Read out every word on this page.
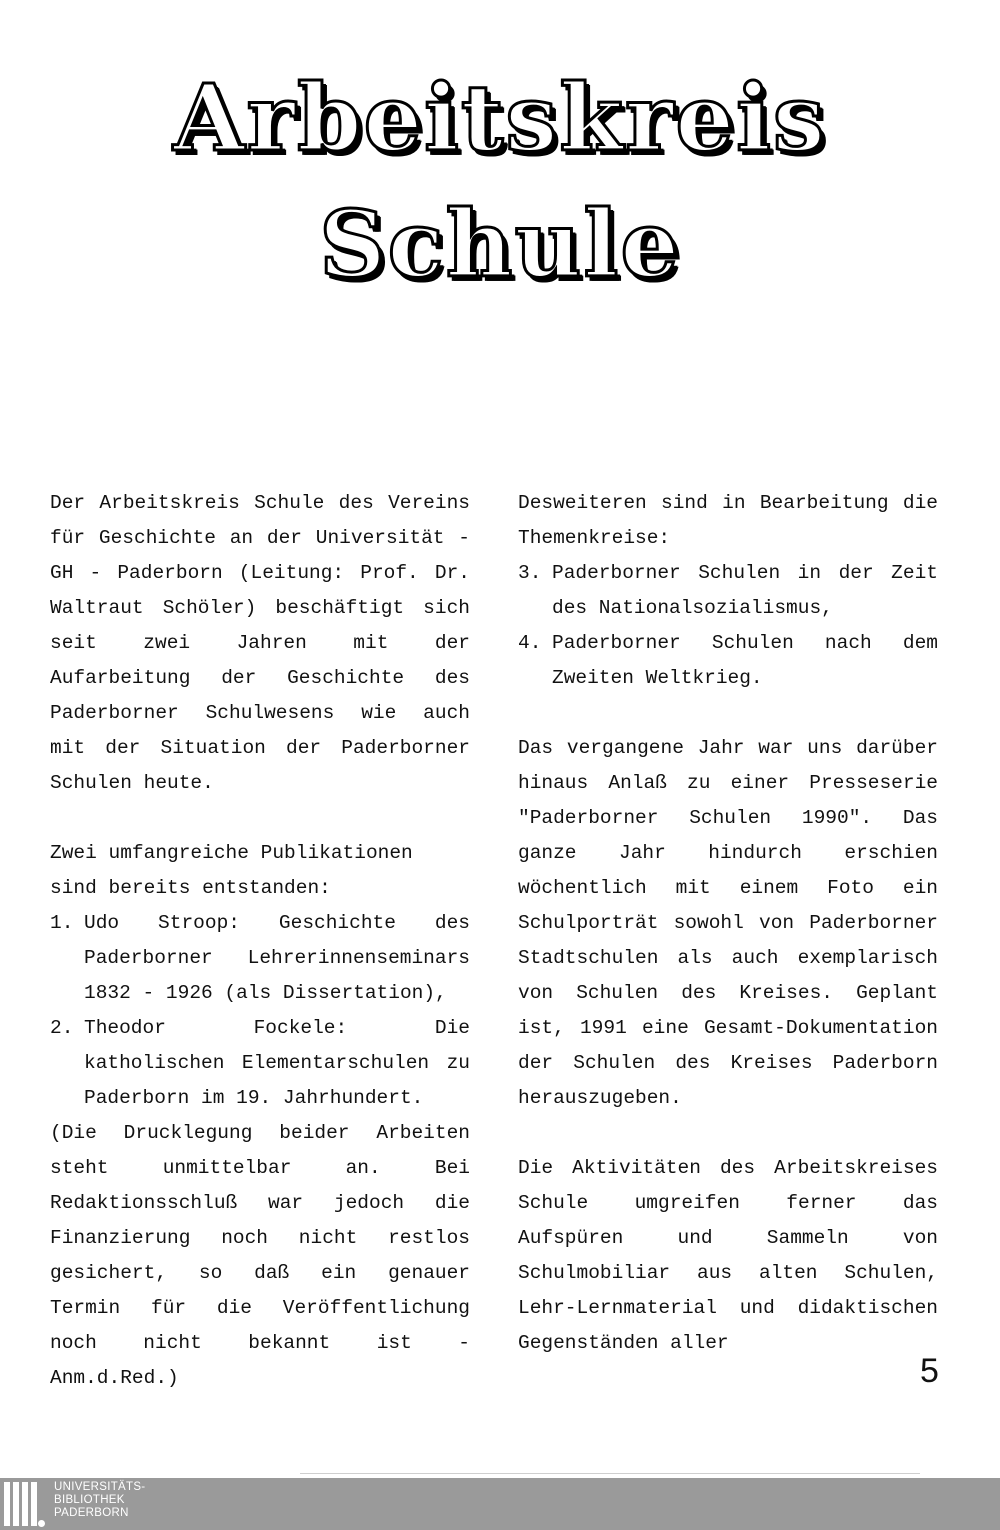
Arbeitskreis
Schule

Der Arbeitskreis Schule des Vereins für Geschichte an der Universität - GH - Paderborn (Leitung: Prof. Dr. Waltraut Schöler) beschäftigt sich seit zwei Jahren mit der Aufarbeitung der Geschichte des Paderborner Schulwesens wie auch mit der Situation der Paderborner Schulen heute.

Zwei umfangreiche Publikationen sind bereits entstanden:

1. Udo Stroop: Geschichte des Paderborner Lehrerinnenseminars 1832 - 1926 (als Dissertation),
2. Theodor Fockele: Die katholischen Elementarschulen zu Paderborn im 19. Jahrhundert.

(Die Drucklegung beider Arbeiten steht unmittelbar an. Bei Redaktionsschluß war jedoch die Finanzierung noch nicht restlos gesichert, so daß ein genauer Termin für die Veröffentlichung noch nicht bekannt ist - Anm.d.Red.)

Desweiteren sind in Bearbeitung die Themenkreise:

3. Paderborner Schulen in der Zeit des Nationalsozialismus,
4. Paderborner Schulen nach dem Zweiten Weltkrieg.

Das vergangene Jahr war uns darüber hinaus Anlaß zu einer Presseserie "Paderborner Schulen 1990". Das ganze Jahr hindurch erschien wöchentlich mit einem Foto ein Schulporträt sowohl von Paderborner Stadtschulen als auch exemplarisch von Schulen des Kreises. Geplant ist, 1991 eine Gesamt-Dokumentation der Schulen des Kreises Paderborn herauszugeben.

Die Aktivitäten des Arbeitskreises Schule umgreifen ferner das Aufspüren und Sammeln von Schulmobiliar aus alten Schulen, Lehr-Lernmaterial und didaktischen Gegenständen aller

5
UNIVERSITÄTS-
BIBLIOTHEK
PADERBORN
